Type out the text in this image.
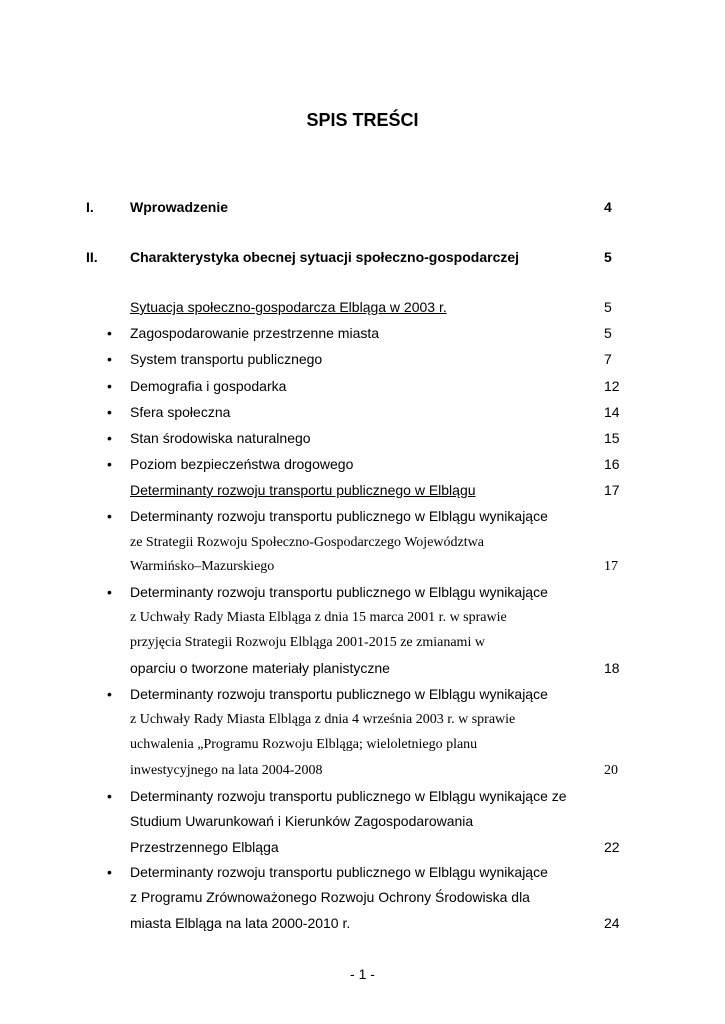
SPIS TREŚCI
I.	Wprowadzenie	4
II. Charakterystyka obecnej sytuacji społeczno-gospodarczej	5
Sytuacja społeczno-gospodarcza Elbląga w 2003 r.	5
• Zagospodarowanie przestrzenne miasta	5
• System transportu publicznego	7
• Demografia i gospodarka	12
• Sfera społeczna	14
• Stan środowiska naturalnego	15
• Poziom bezpieczeństwa drogowego	16
Determinanty rozwoju transportu publicznego w Elblągu	17
• Determinanty rozwoju transportu publicznego w Elblągu wynikające
ze Strategii Rozwoju Społeczno-Gospodarczego Województwa
Warmińsko–Mazurskiego	17
• Determinanty rozwoju transportu publicznego w Elblągu wynikające
z Uchwały Rady Miasta Elbląga z dnia 15 marca 2001 r. w sprawie
przyjęcia Strategii Rozwoju Elbląga 2001-2015 ze zmianami w
oparciu o tworzone materiały planistyczne	18
• Determinanty rozwoju transportu publicznego w Elblągu wynikające
z Uchwały Rady Miasta Elbląga z dnia 4 września 2003 r. w sprawie
uchwalenia „Programu Rozwoju Elbląga; wieloletniego planu
inwestycyjnego na lata 2004-2008	20
• Determinanty rozwoju transportu publicznego w Elblągu wynikające ze
Studium Uwarunkowań i Kierunków Zagospodarowania
Przestrzennego Elbląga	22
• Determinanty rozwoju transportu publicznego w Elblągu wynikające
z Programu Zrównoważonego Rozwoju Ochrony Środowiska dla
miasta Elbląga na lata 2000-2010 r.	24
- 1 -
